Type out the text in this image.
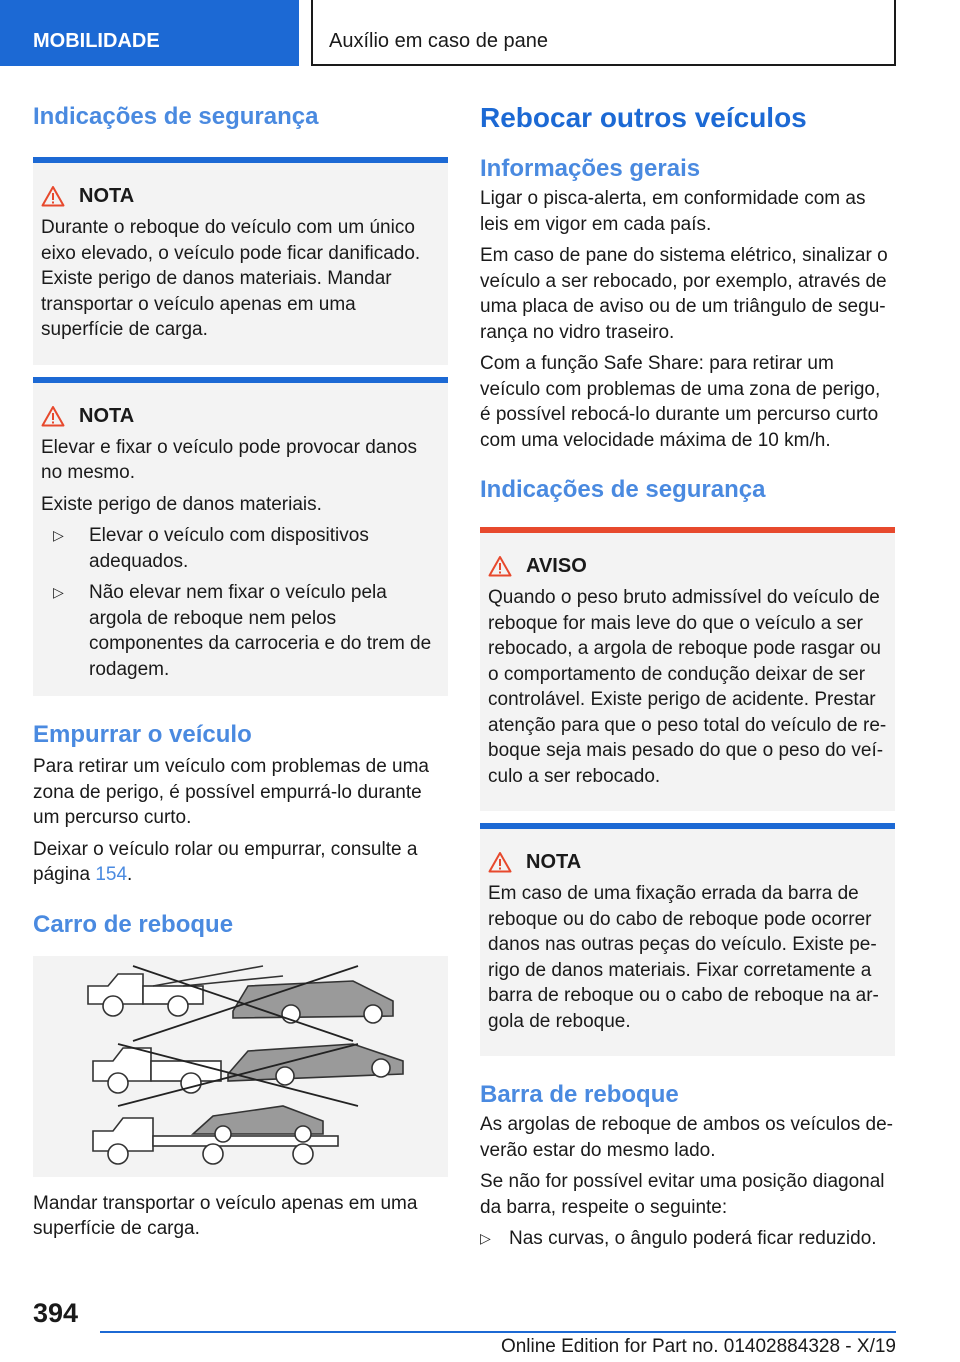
MOBILIDADE	Auxílio em caso de pane
Indicações de segurança
NOTA

Durante o reboque do veículo com um único eixo elevado, o veículo pode ficar danificado. Existe perigo de danos materiais. Mandar transportar o veículo apenas em uma superfície de carga.

NOTA

Elevar e fixar o veículo pode provocar danos no mesmo.

Existe perigo de danos materiais.

▷	Elevar o veículo com dispositivos adequados.
▷	Não elevar nem fixar o veículo pela argola de reboque nem pelos componentes da carroceria e do trem de rodagem.
Empurrar o veículo

Para retirar um veículo com problemas de uma zona de perigo, é possível empurrá-lo durante um percurso curto.

Deixar o veículo rolar ou empurrar, consulte a página 154.

Carro de reboque

Mandar transportar o veículo apenas em uma superfície de carga.

Rebocar outros veículos
Informações gerais

Ligar o pisca-alerta, em conformidade com as leis em vigor em cada país.

Em caso de pane do sistema elétrico, sinalizar o veículo a ser rebocado, por exemplo, através de uma placa de aviso ou de um triângulo de segurança no vidro traseiro.

Com a função Safe Share: para retirar um veículo com problemas de uma zona de perigo, é possível rebocá-lo durante um percurso curto com uma velocidade máxima de 10 km/h.

Indicações de segurança
AVISO

Quando o peso bruto admissível do veículo de reboque for mais leve do que o veículo a ser rebocado, a argola de reboque pode rasgar ou o comportamento de condução deixar de ser controlável. Existe perigo de acidente. Prestar atenção para que o peso total do veículo de reboque seja mais pesado do que o peso do veículo a ser rebocado.

NOTA

Em caso de uma fixação errada da barra de reboque ou do cabo de reboque pode ocorrer danos nas outras peças do veículo. Existe perigo de danos materiais. Fixar corretamente a barra de reboque ou o cabo de reboque na argola de reboque.

Barra de reboque

As argolas de reboque de ambos os veículos deverão estar do mesmo lado.

Se não for possível evitar uma posição diagonal da barra, respeite o seguinte:

▷ Nas curvas, o ângulo poderá ficar reduzido.
394
Online Edition for Part no. 01402884328 - X/19
